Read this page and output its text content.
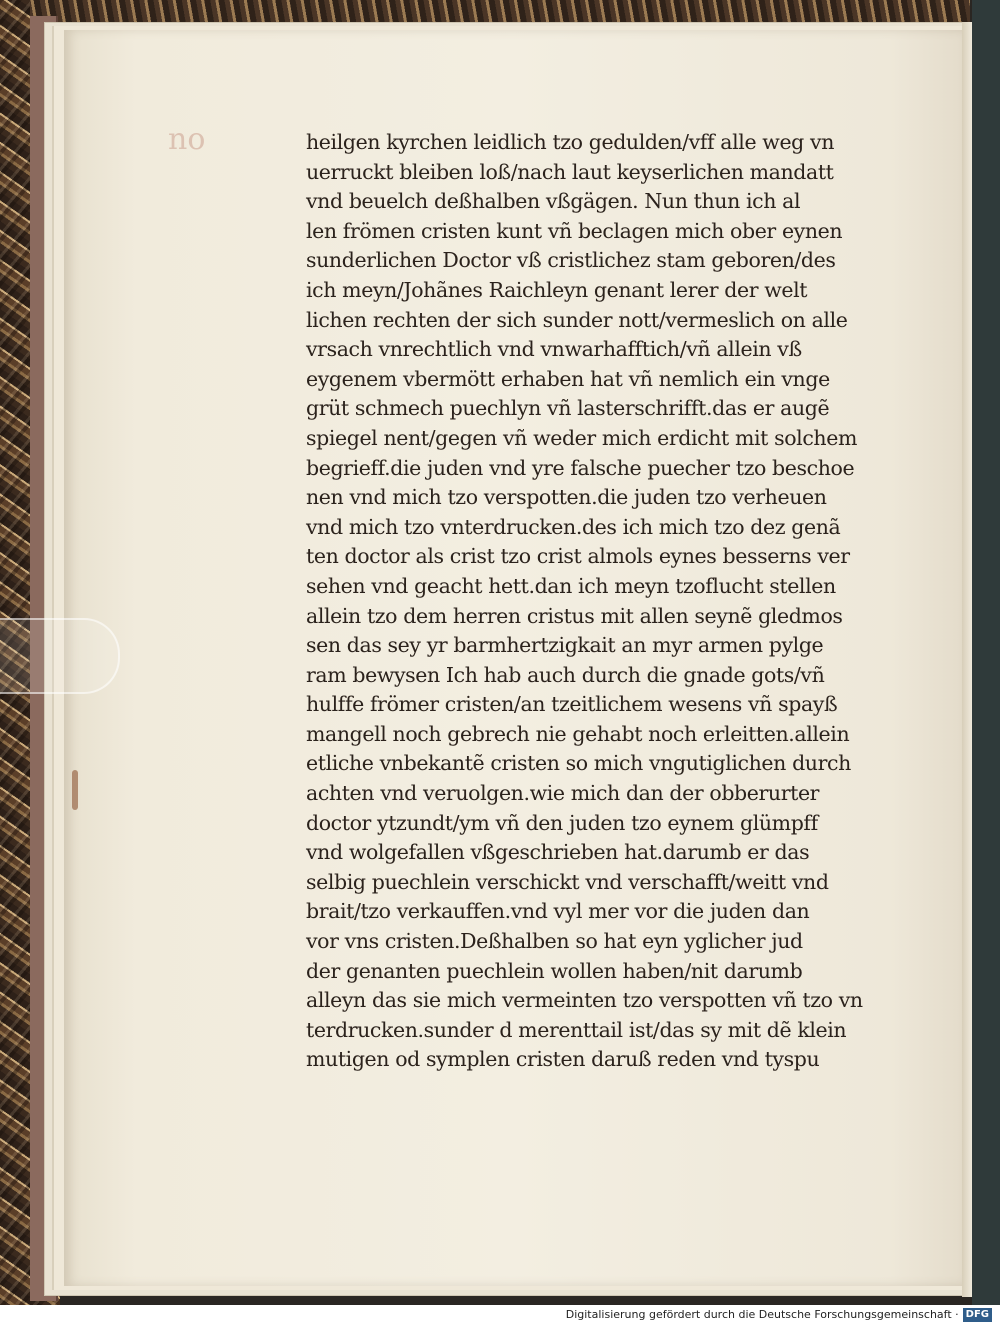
no	heilgen kyrchen leidlich tzo gedulden/vff alle weg vn
uerruckt bleiben loß/nach laut keyserlichen mandatt
vnd beuelch deßhalben vßgägen. Nun thun ich al
len frömen cristen kunt vñ beclagen mich ober eynen
sunderlichen Doctor vß cristlichez stam geboren/des
ich meyn/Johãnes Raichleyn genant lerer der welt
lichen rechten der sich sunder nott/vermeslich on alle
vrsach vnrechtlich vnd vnwarhafftich/vñ allein vß
eygenem vbermött erhaben hat vñ nemlich ein vnge
grüt schmech puechlyn vñ lasterschrifft.das er augẽ
spiegel nent/gegen vñ weder mich erdicht mit solchem
begrieff.die juden vnd yre falsche puecher tzo beschoe
nen vnd mich tzo verspotten.die juden tzo verheuen
vnd mich tzo vnterdrucken.des ich mich tzo dez genã
ten doctor als crist tzo crist almols eynes besserns ver
sehen vnd geacht hett.dan ich meyn tzoflucht stellen
allein tzo dem herren cristus mit allen seynẽ gledmos
sen das sey yr barmhertzigkait an myr armen pylge
ram bewysen Ich hab auch durch die gnade gots/vñ
hulffe frömer cristen/an tzeitlichem wesens vñ spayß
mangell noch gebrech nie gehabt noch erleitten.allein
etliche vnbekantẽ cristen so mich vngutiglichen durch
achten vnd veruolgen.wie mich dan der obberurter
doctor ytzundt/ym vñ den juden tzo eynem glümpff
vnd wolgefallen vßgeschrieben hat.darumb er das
selbig puechlein verschickt vnd verschafft/weitt vnd
brait/tzo verkauffen.vnd vyl mer vor die juden dan
vor vns cristen.Deßhalben so hat eyn yglicher jud
der genanten puechlein wollen haben/nit darumb
alleyn das sie mich vermeinten tzo verspotten vñ tzo vn
terdrucken.sunder d merenttail ist/das sy mit dẽ klein
mutigen od symplen cristen daruß reden vnd tyspu
Digitalisierung gefördert durch die Deutsche Forschungsgemeinschaft · DFG
